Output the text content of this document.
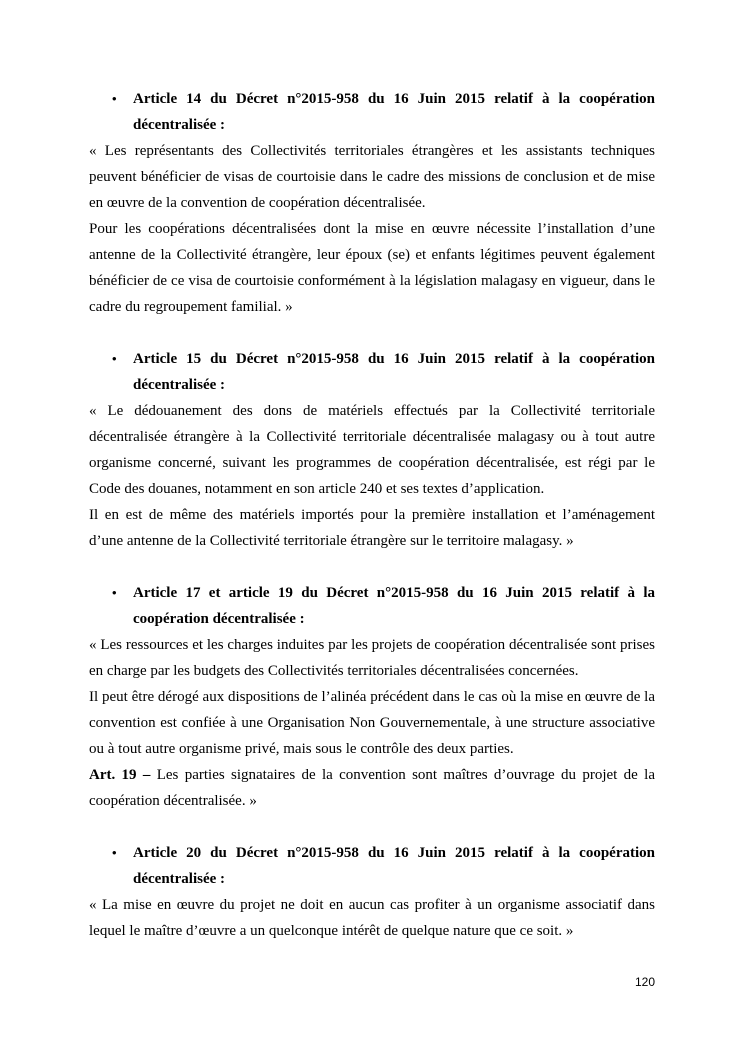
• Article 14 du Décret n°2015-958 du 16 Juin 2015 relatif à la coopération décentralisée :

« Les représentants des Collectivités territoriales étrangères et les assistants techniques peuvent bénéficier de visas de courtoisie dans le cadre des missions de conclusion et de mise en œuvre de la convention de coopération décentralisée.

Pour les coopérations décentralisées dont la mise en œuvre nécessite l’installation d’une antenne de la Collectivité étrangère, leur époux (se) et enfants légitimes peuvent également bénéficier de ce visa de courtoisie conformément à la législation malagasy en vigueur, dans le cadre du regroupement familial. »

• Article 15 du Décret n°2015-958 du 16 Juin 2015 relatif à la coopération décentralisée :

« Le dédouanement des dons de matériels effectués par la Collectivité territoriale décentralisée étrangère à la Collectivité territoriale décentralisée malagasy ou à tout autre organisme concerné, suivant les programmes de coopération décentralisée, est régi par le Code des douanes, notamment en son article 240 et ses textes d’application.

Il en est de même des matériels importés pour la première installation et l’aménagement d’une antenne de la Collectivité territoriale étrangère sur le territoire malagasy. »

• Article 17 et article 19 du Décret n°2015-958 du 16 Juin 2015 relatif à la coopération décentralisée :

« Les ressources et les charges induites par les projets de coopération décentralisée sont prises en charge par les budgets des Collectivités territoriales décentralisées concernées.

Il peut être dérogé aux dispositions de l’alinéa précédent dans le cas où la mise en œuvre de la convention est confiée à une Organisation Non Gouvernementale, à une structure associative ou à tout autre organisme privé, mais sous le contrôle des deux parties.

Art. 19 – Les parties signataires de la convention sont maîtres d’ouvrage du projet de la coopération décentralisée. »

• Article 20 du Décret n°2015-958 du 16 Juin 2015 relatif à la coopération décentralisée :

« La mise en œuvre du projet ne doit en aucun cas profiter à un organisme associatif dans lequel le maître d’œuvre a un quelconque intérêt de quelque nature que ce soit. »

120
